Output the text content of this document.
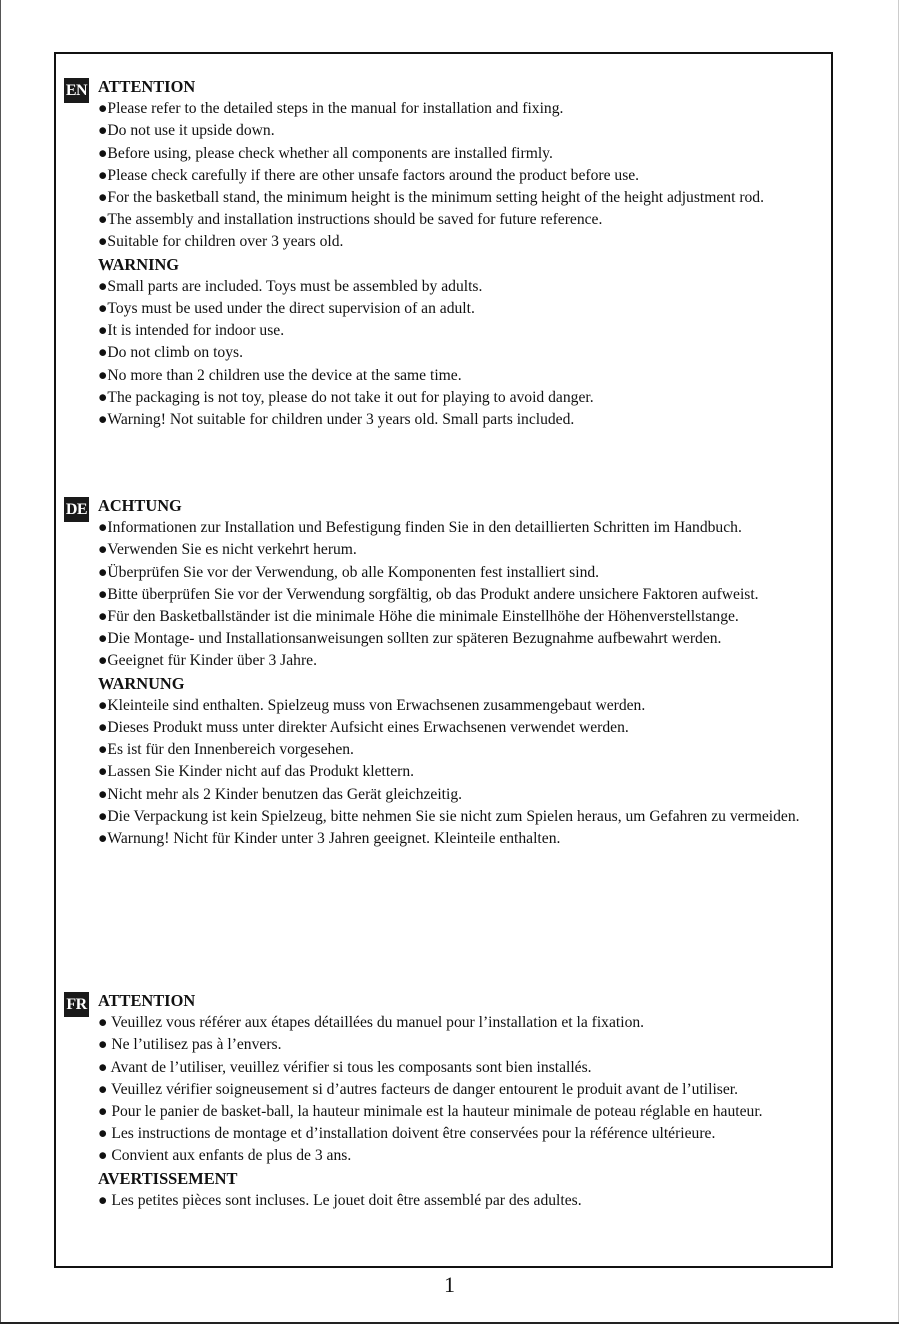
EN ATTENTION
●Please refer to the detailed steps in the manual for installation and fixing.
●Do not use it upside down.
●Before using, please check whether all components are installed firmly.
●Please check carefully if there are other unsafe factors around the product before use.
●For the basketball stand, the minimum height is the minimum setting height of the height adjustment rod.
●The assembly and installation instructions should be saved for future reference.
●Suitable for children over 3 years old.
WARNING
●Small parts are included. Toys must be assembled by adults.
●Toys must be used under the direct supervision of an adult.
●It is intended for indoor use.
●Do not climb on toys.
●No more than 2 children use the device at the same time.
●The packaging is not toy, please do not take it out for playing to avoid danger.
●Warning! Not suitable for children under 3 years old. Small parts included.
DE ACHTUNG
●Informationen zur Installation und Befestigung finden Sie in den detaillierten Schritten im Handbuch.
●Verwenden Sie es nicht verkehrt herum.
●Überprüfen Sie vor der Verwendung, ob alle Komponenten fest installiert sind.
●Bitte überprüfen Sie vor der Verwendung sorgfältig, ob das Produkt andere unsichere Faktoren aufweist.
●Für den Basketballständer ist die minimale Höhe die minimale Einstellhöhe der Höhenverstellstange.
●Die Montage- und Installationsanweisungen sollten zur späteren Bezugnahme aufbewahrt werden.
●Geeignet für Kinder über 3 Jahre.
WARNUNG
●Kleinteile sind enthalten. Spielzeug muss von Erwachsenen zusammengebaut werden.
●Dieses Produkt muss unter direkter Aufsicht eines Erwachsenen verwendet werden.
●Es ist für den Innenbereich vorgesehen.
●Lassen Sie Kinder nicht auf das Produkt klettern.
●Nicht mehr als 2 Kinder benutzen das Gerät gleichzeitig.
●Die Verpackung ist kein Spielzeug, bitte nehmen Sie sie nicht zum Spielen heraus, um Gefahren zu vermeiden.
●Warnung! Nicht für Kinder unter 3 Jahren geeignet. Kleinteile enthalten.
FR ATTENTION
● Veuillez vous référer aux étapes détaillées du manuel pour l’installation et la fixation.
● Ne l’utilisez pas à l’envers.
● Avant de l’utiliser, veuillez vérifier si tous les composants sont bien installés.
● Veuillez vérifier soigneusement si d’autres facteurs de danger entourent le produit avant de l’utiliser.
● Pour le panier de basket-ball, la hauteur minimale est la hauteur minimale de poteau réglable en hauteur.
● Les instructions de montage et d’installation doivent être conservées pour la référence ultérieure.
● Convient aux enfants de plus de 3 ans.
AVERTISSEMENT
● Les petites pièces sont incluses. Le jouet doit être assemblé par des adultes.
1
